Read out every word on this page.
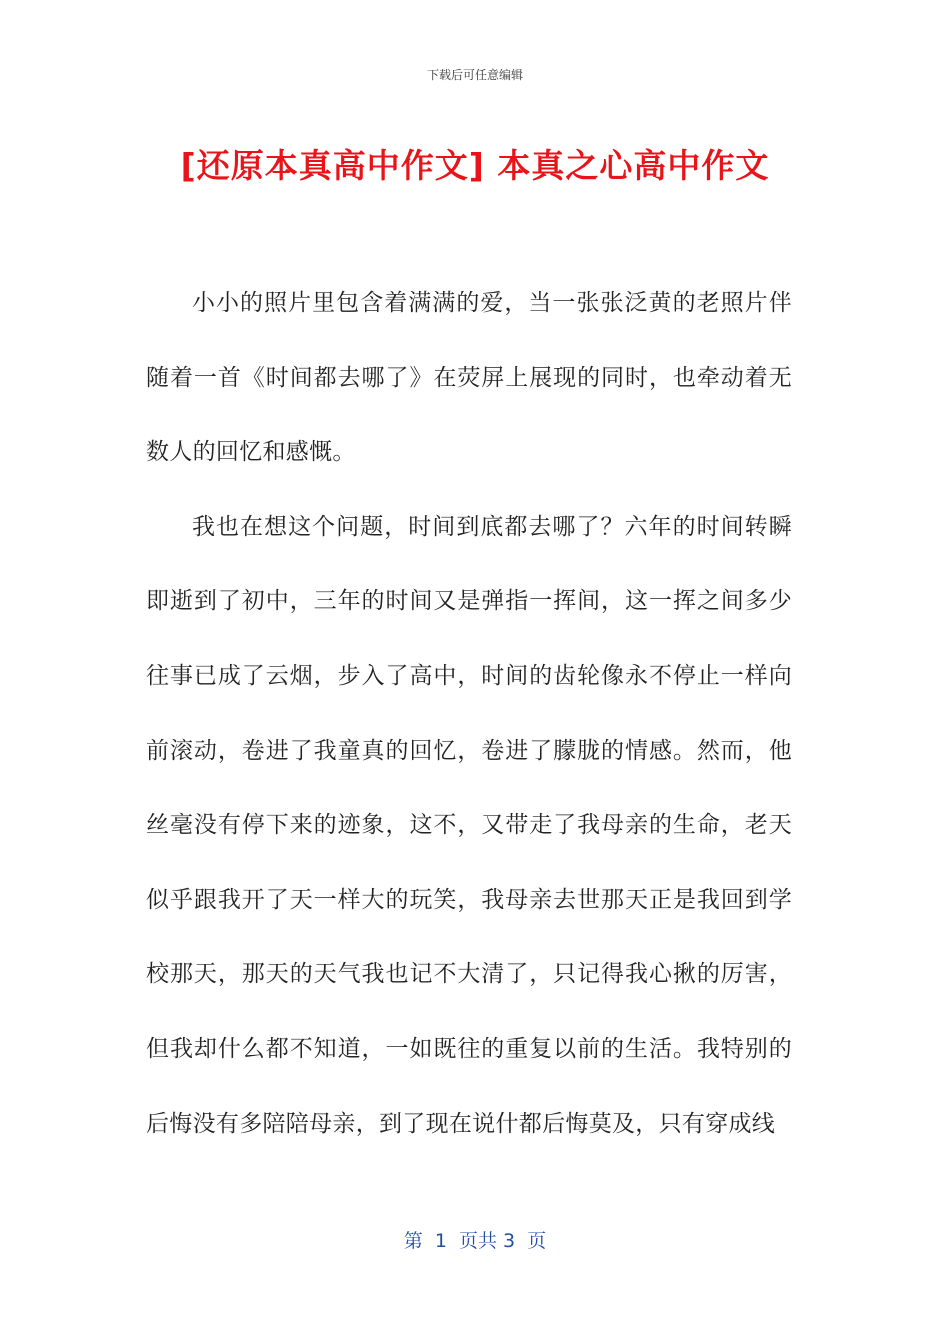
下载后可任意编辑
[还原本真高中作文] 本真之心高中作文

小小的照片里包含着满满的爱，当一张张泛黄的老照片伴随着一首《时间都去哪了》在荧屏上展现的同时，也牵动着无数人的回忆和感慨。

我也在想这个问题，时间到底都去哪了？六年的时间转瞬即逝到了初中，三年的时间又是弹指一挥间，这一挥之间多少往事已成了云烟，步入了高中，时间的齿轮像永不停止一样向前滚动，卷进了我童真的回忆，卷进了朦胧的情感。然而，他丝毫没有停下来的迹象，这不，又带走了我母亲的生命，老天似乎跟我开了天一样大的玩笑，我母亲去世那天正是我回到学校那天，那天的天气我也记不大清了，只记得我心揪的厉害，但我却什么都不知道，一如既往的重复以前的生活。我特别的后悔没有多陪陪母亲，到了现在说什都后悔莫及，只有穿成线

第  1  页共 3  页
